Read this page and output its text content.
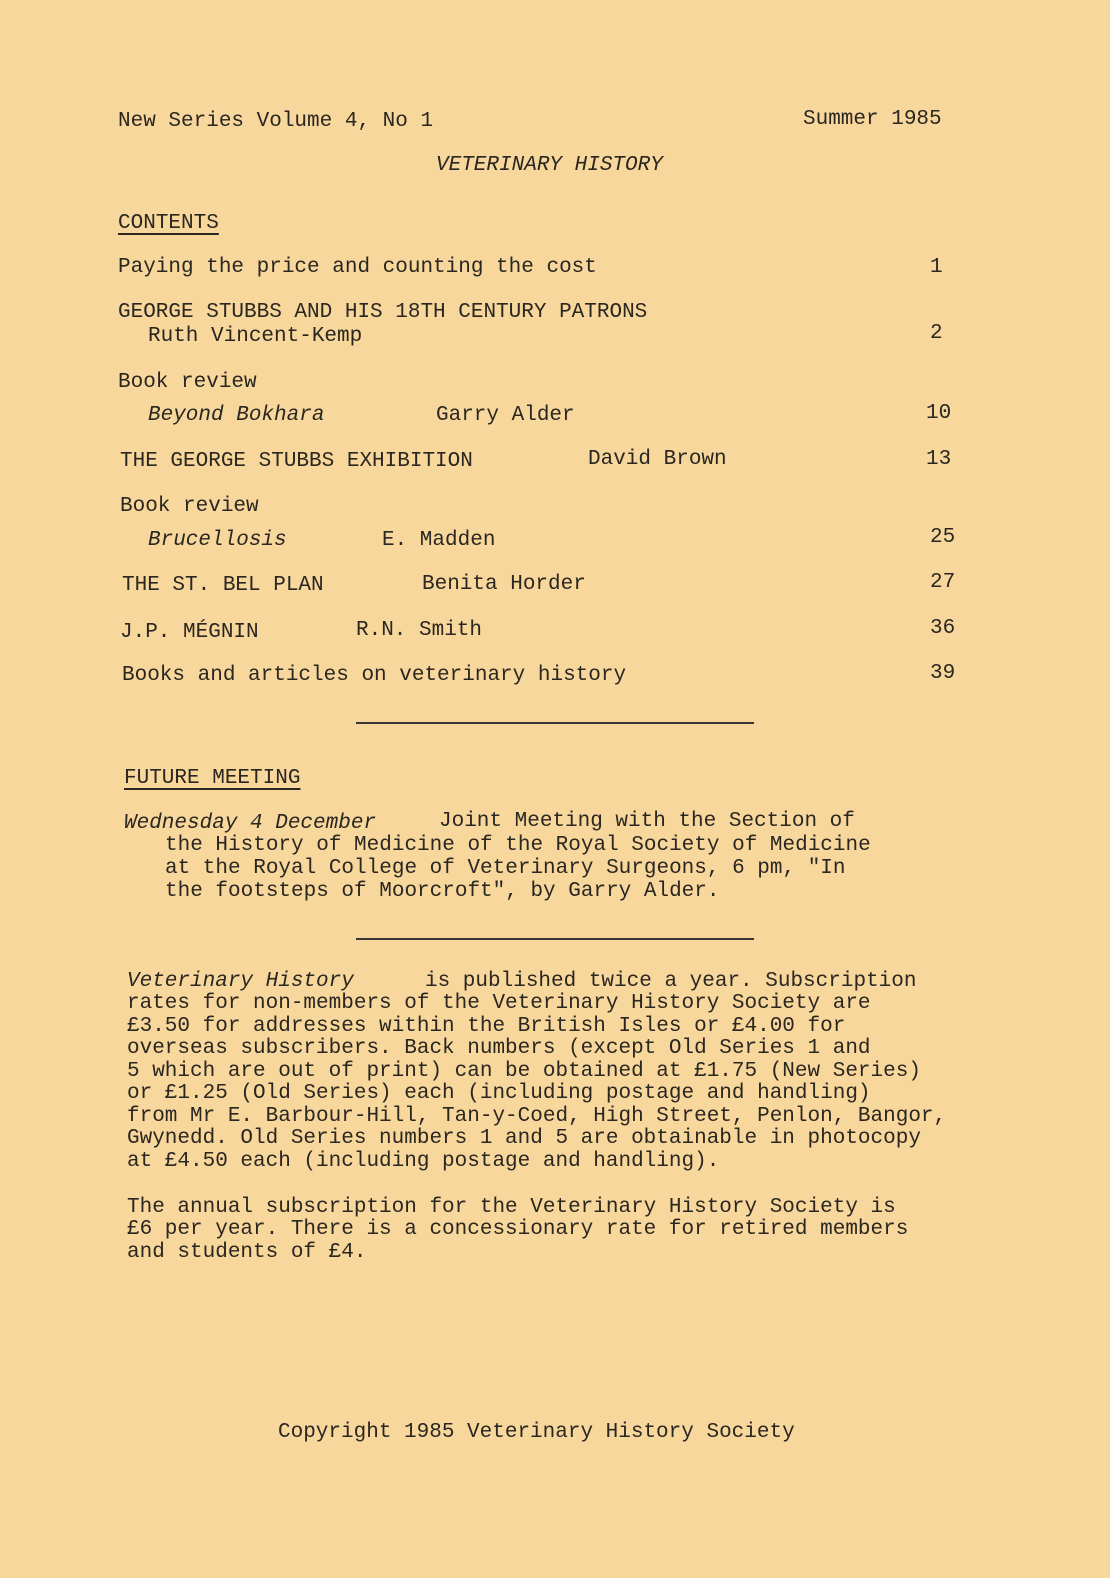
New Series Volume 4, No 1	Summer 1985
VETERINARY HISTORY
CONTENTS
Paying the price and counting the cost	1
GEORGE STUBBS AND HIS 18TH CENTURY PATRONS
Ruth Vincent-Kemp	2
Book review
Beyond Bokhara	Garry Alder	10
THE GEORGE STUBBS EXHIBITION	David Brown	13
Book review
Brucellosis	E. Madden	25
THE ST. BEL PLAN	Benita Horder	27
J.P. MÉGNIN	R.N. Smith	36
Books and articles on veterinary history	39
FUTURE MEETING
Wednesday 4 December	Joint Meeting with the Section of
the History of Medicine of the Royal Society of Medicine
at the Royal College of Veterinary Surgeons, 6 pm, "In
the footsteps of Moorcroft", by Garry Alder.
Veterinary History	is published twice a year. Subscription
rates for non-members of the Veterinary History Society are
£3.50 for addresses within the British Isles or £4.00 for
overseas subscribers. Back numbers (except Old Series 1 and
5 which are out of print) can be obtained at £1.75 (New Series)
or £1.25 (Old Series) each (including postage and handling)
from Mr E. Barbour-Hill, Tan-y-Coed, High Street, Penlon, Bangor,
Gwynedd. Old Series numbers 1 and 5 are obtainable in photocopy
at £4.50 each (including postage and handling).
The annual subscription for the Veterinary History Society is
£6 per year. There is a concessionary rate for retired members
and students of £4.
Copyright 1985 Veterinary History Society
